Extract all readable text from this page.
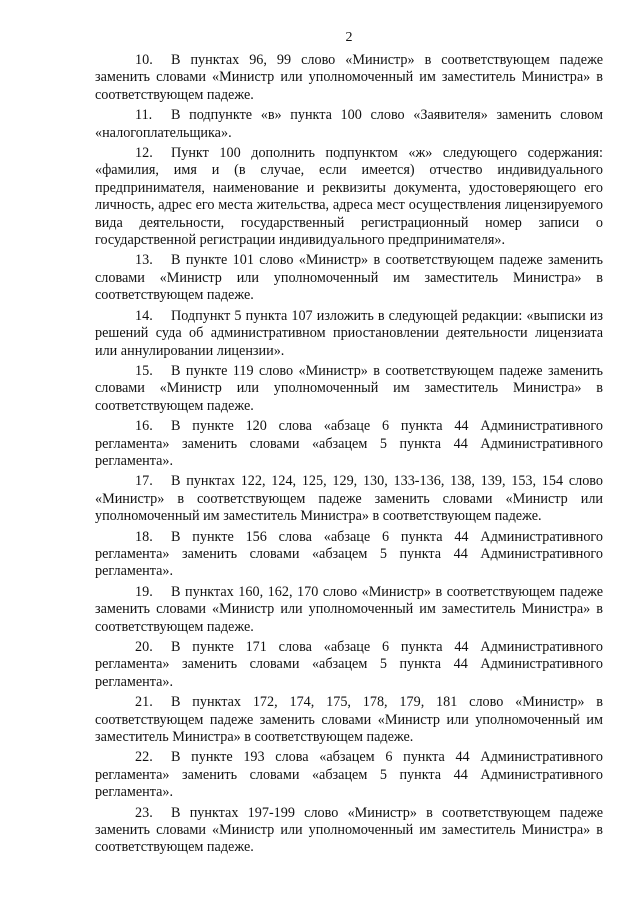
2

10. В пунктах 96, 99 слово «Министр» в соответствующем падеже заменить словами «Министр или уполномоченный им заместитель Министра» в соответствующем падеже.

11. В подпункте «в» пункта 100 слово «Заявителя» заменить словом «налогоплательщика».

12. Пункт 100 дополнить подпунктом «ж» следующего содержания: «фамилия, имя и (в случае, если имеется) отчество индивидуального предпринимателя, наименование и реквизиты документа, удостоверяющего его личность, адрес его места жительства, адреса мест осуществления лицензируемого вида деятельности, государственный регистрационный номер записи о государственной регистрации индивидуального предпринимателя».

13. В пункте 101 слово «Министр» в соответствующем падеже заменить словами «Министр или уполномоченный им заместитель Министра» в соответствующем падеже.

14. Подпункт 5 пункта 107 изложить в следующей редакции: «выписки из решений суда об административном приостановлении деятельности лицензиата или аннулировании лицензии».

15. В пункте 119 слово «Министр» в соответствующем падеже заменить словами «Министр или уполномоченный им заместитель Министра» в соответствующем падеже.

16. В пункте 120 слова «абзаце 6 пункта 44 Административного регламента» заменить словами «абзацем 5 пункта 44 Административного регламента».

17. В пунктах 122, 124, 125, 129, 130, 133-136, 138, 139, 153, 154 слово «Министр» в соответствующем падеже заменить словами «Министр или уполномоченный им заместитель Министра» в соответствующем падеже.

18. В пункте 156 слова «абзаце 6 пункта 44 Административного регламента» заменить словами «абзацем 5 пункта 44 Административного регламента».

19. В пунктах 160, 162, 170 слово «Министр» в соответствующем падеже заменить словами «Министр или уполномоченный им заместитель Министра» в соответствующем падеже.

20. В пункте 171 слова «абзаце 6 пункта 44 Административного регламента» заменить словами «абзацем 5 пункта 44 Административного регламента».

21. В пунктах 172, 174, 175, 178, 179, 181 слово «Министр» в соответствующем падеже заменить словами «Министр или уполномоченный им заместитель Министра» в соответствующем падеже.

22. В пункте 193 слова «абзацем 6 пункта 44 Административного регламента» заменить словами «абзацем 5 пункта 44 Административного регламента».

23. В пунктах 197-199 слово «Министр» в соответствующем падеже заменить словами «Министр или уполномоченный им заместитель Министра» в соответствующем падеже.
